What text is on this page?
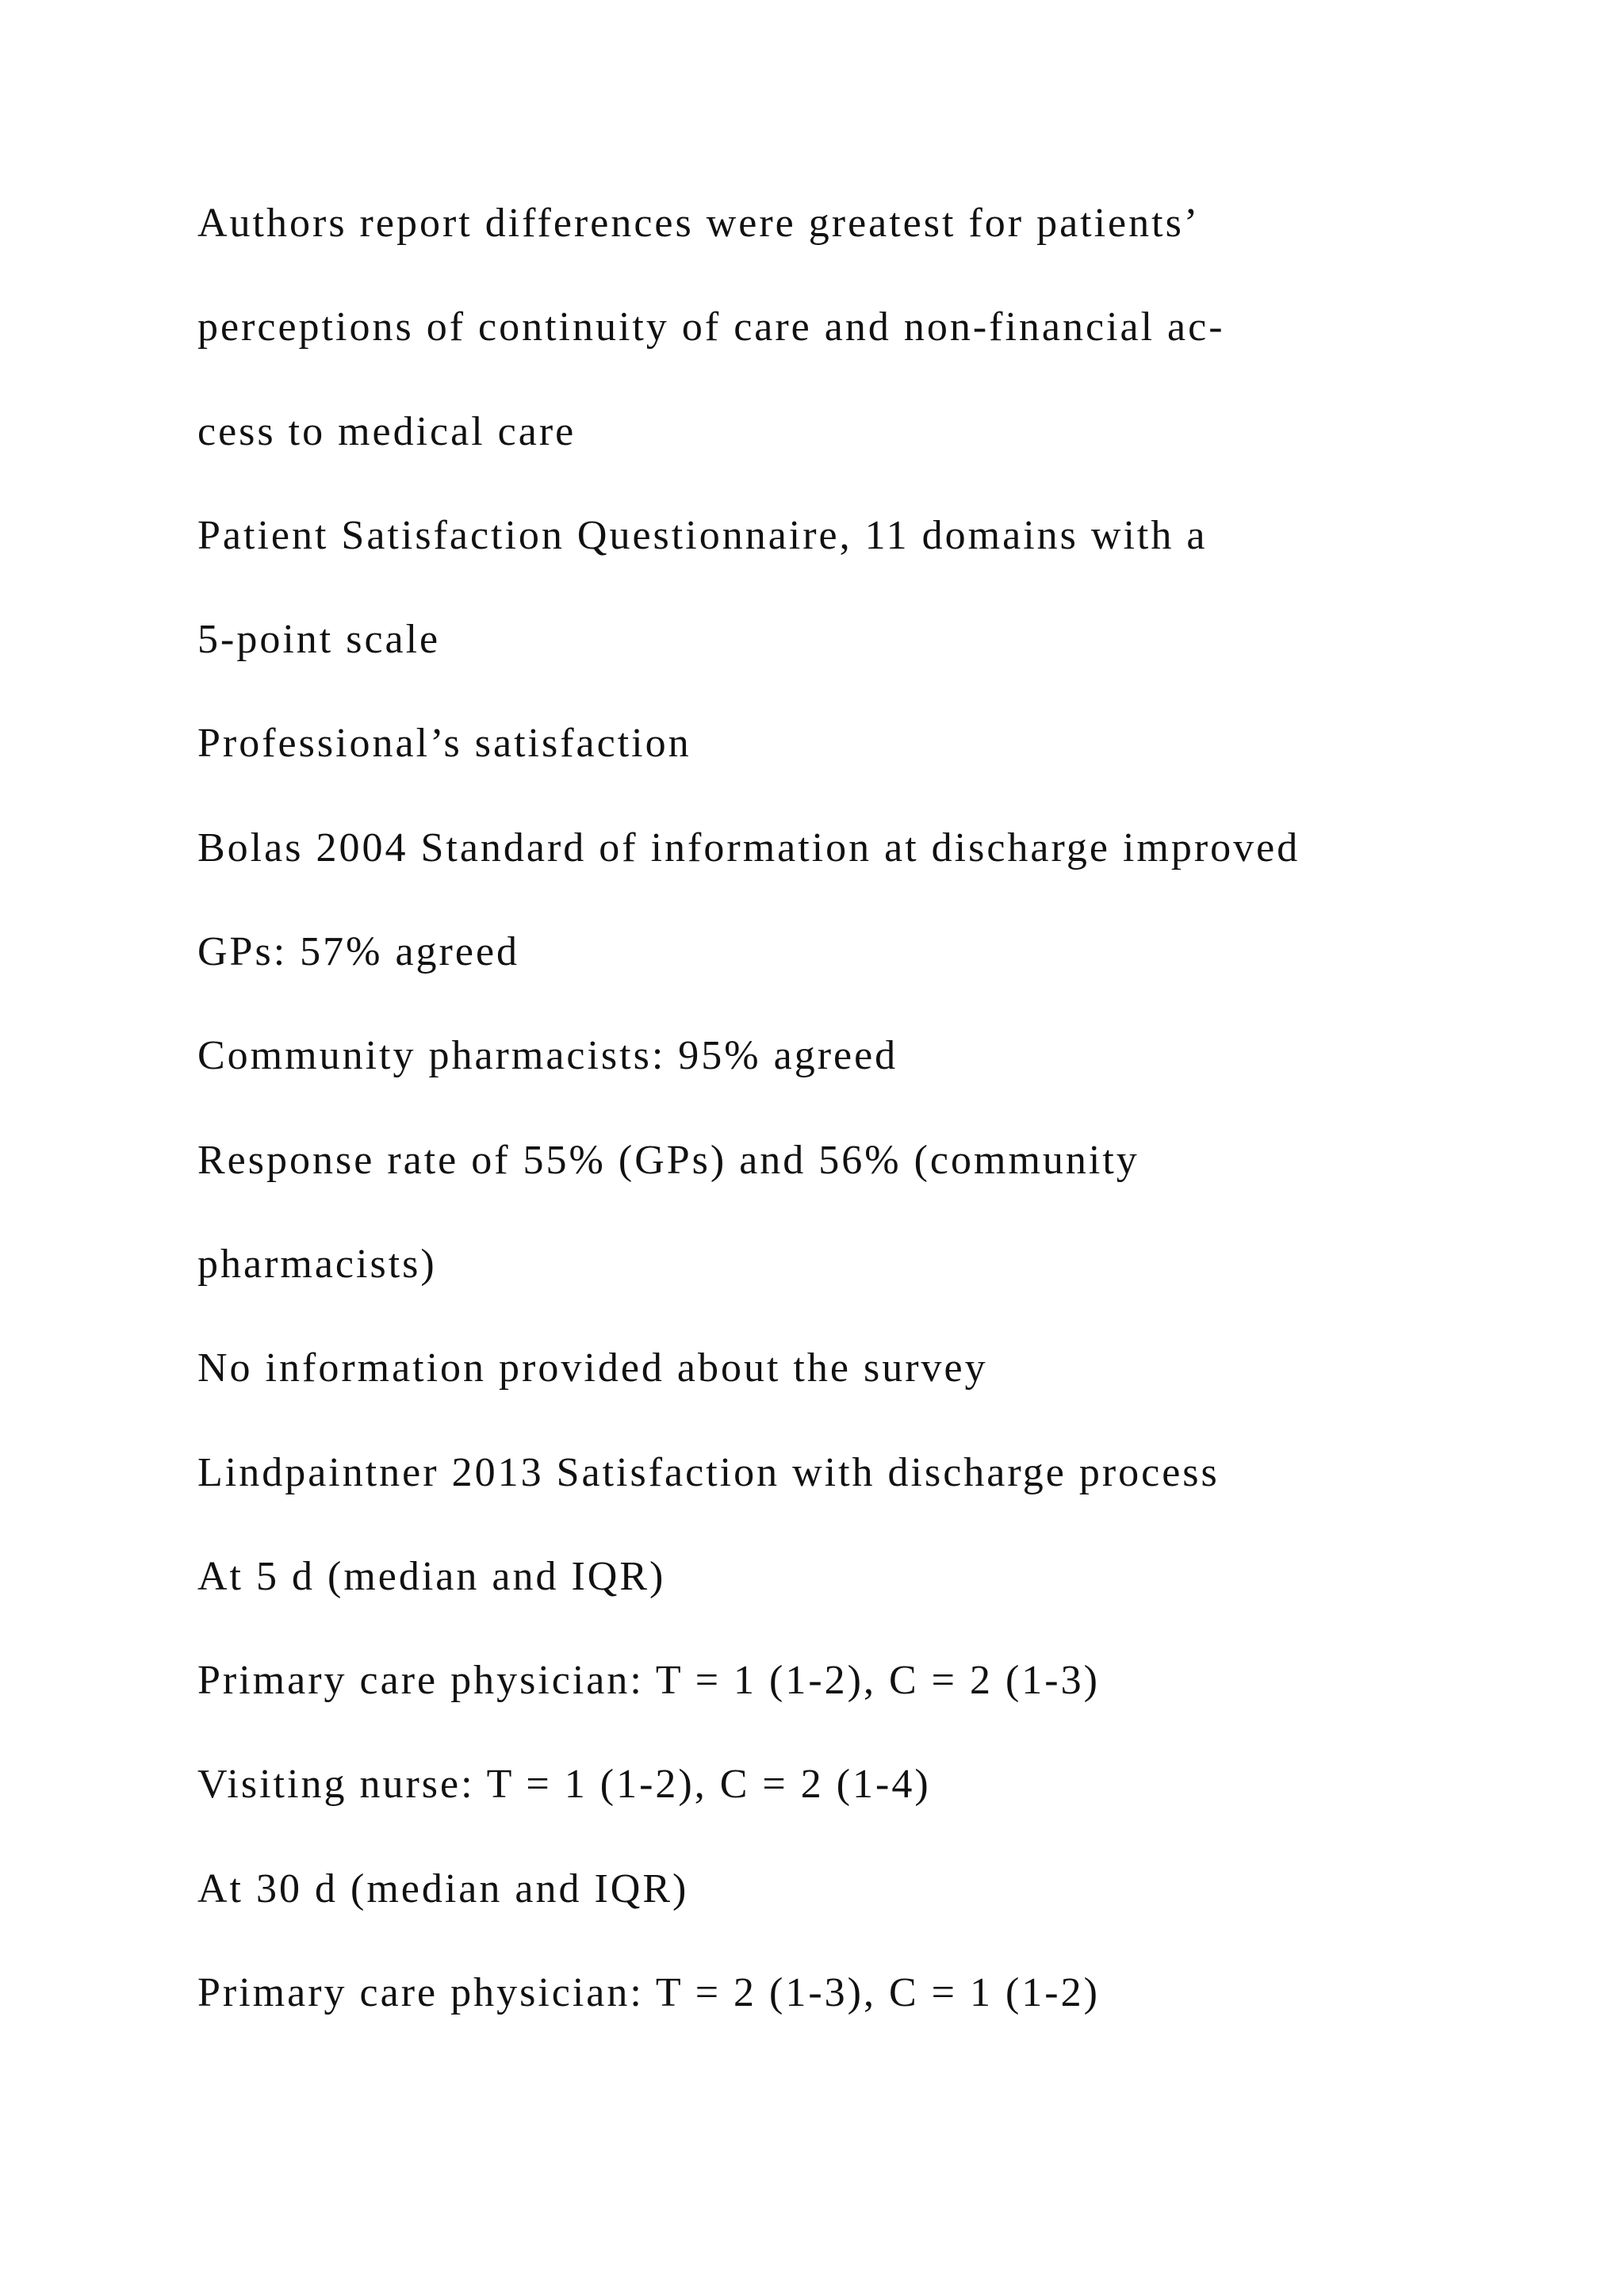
Authors report differences were greatest for patients’
perceptions of continuity of care and non-financial ac-
cess to medical care
Patient Satisfaction Questionnaire, 11 domains with a
5-point scale
Professional’s satisfaction
Bolas 2004 Standard of information at discharge improved
GPs: 57% agreed
Community pharmacists: 95% agreed
Response rate of 55% (GPs) and 56% (community
pharmacists)
No information provided about the survey
Lindpaintner 2013 Satisfaction with discharge process
At 5 d (median and IQR)
Primary care physician: T = 1 (1-2), C = 2 (1-3)
Visiting nurse: T = 1 (1-2), C = 2 (1-4)
At 30 d (median and IQR)
Primary care physician: T = 2 (1-3), C = 1 (1-2)
